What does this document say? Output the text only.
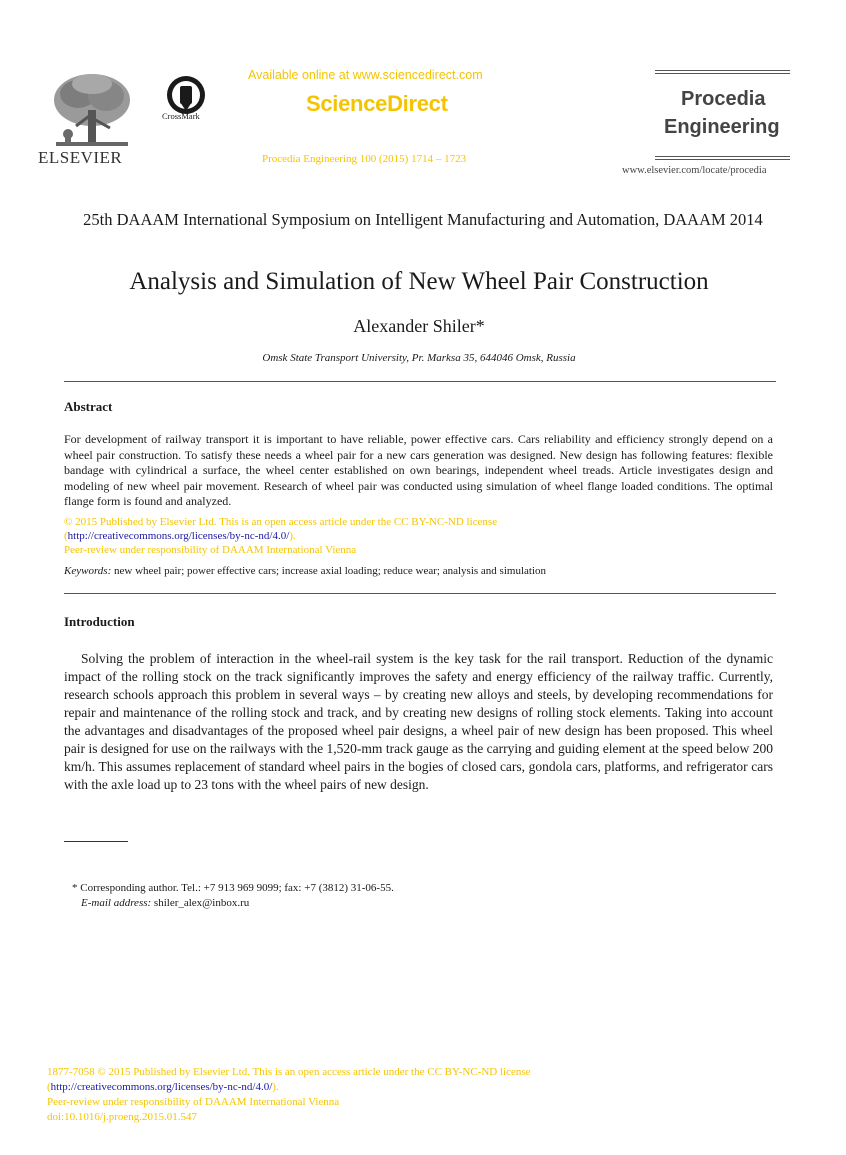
ELSEVIER
CrossMark
Available online at www.sciencedirect.com
ScienceDirect
Procedia Engineering 100 (2015) 1714 – 1723
Procedia
Engineering
www.elsevier.com/locate/procedia
25th DAAAM International Symposium on Intelligent Manufacturing and Automation, DAAAM 2014
Analysis and Simulation of New Wheel Pair Construction
Alexander Shiler*
Omsk State Transport University, Pr. Marksa 35, 644046 Omsk, Russia
Abstract
For development of railway transport it is important to have reliable, power effective cars. Cars reliability and efficiency strongly depend on a wheel pair construction. To satisfy these needs a wheel pair for a new cars generation was designed. New design has following features: flexible bandage with cylindrical a surface, the wheel center established on own bearings, independent wheel treads. Article investigates design and modeling of new wheel pair movement. Research of wheel pair was conducted using simulation of wheel flange loaded conditions. The optimal flange form is found and analyzed.
© 2015 Published by Elsevier Ltd. This is an open access article under the CC BY-NC-ND license
(http://creativecommons.org/licenses/by-nc-nd/4.0/).
Peer-review under responsibility of DAAAM International Vienna
Keywords: new wheel pair; power effective cars; increase axial loading; reduce wear; analysis and simulation
Introduction
Solving the problem of interaction in the wheel-rail system is the key task for the rail transport. Reduction of the dynamic impact of the rolling stock on the track significantly improves the safety and energy efficiency of the railway traffic. Currently, research schools approach this problem in several ways – by creating new alloys and steels, by developing recommendations for repair and maintenance of the rolling stock and track, and by creating new designs of rolling stock elements. Taking into account the advantages and disadvantages of the proposed wheel pair designs, a wheel pair of new design has been proposed. This wheel pair is designed for use on the railways with the 1,520-mm track gauge as the carrying and guiding element at the speed below 200 km/h. This assumes replacement of standard wheel pairs in the bogies of closed cars, gondola cars, platforms, and refrigerator cars with the axle load up to 23 tons with the wheel pairs of new design.
* Corresponding author. Tel.: +7 913 969 9099; fax: +7 (3812) 31-06-55.
E-mail address: shiler_alex@inbox.ru
1877-7058 © 2015 Published by Elsevier Ltd. This is an open access article under the CC BY-NC-ND license
(http://creativecommons.org/licenses/by-nc-nd/4.0/).
Peer-review under responsibility of DAAAM International Vienna
doi:10.1016/j.proeng.2015.01.547
